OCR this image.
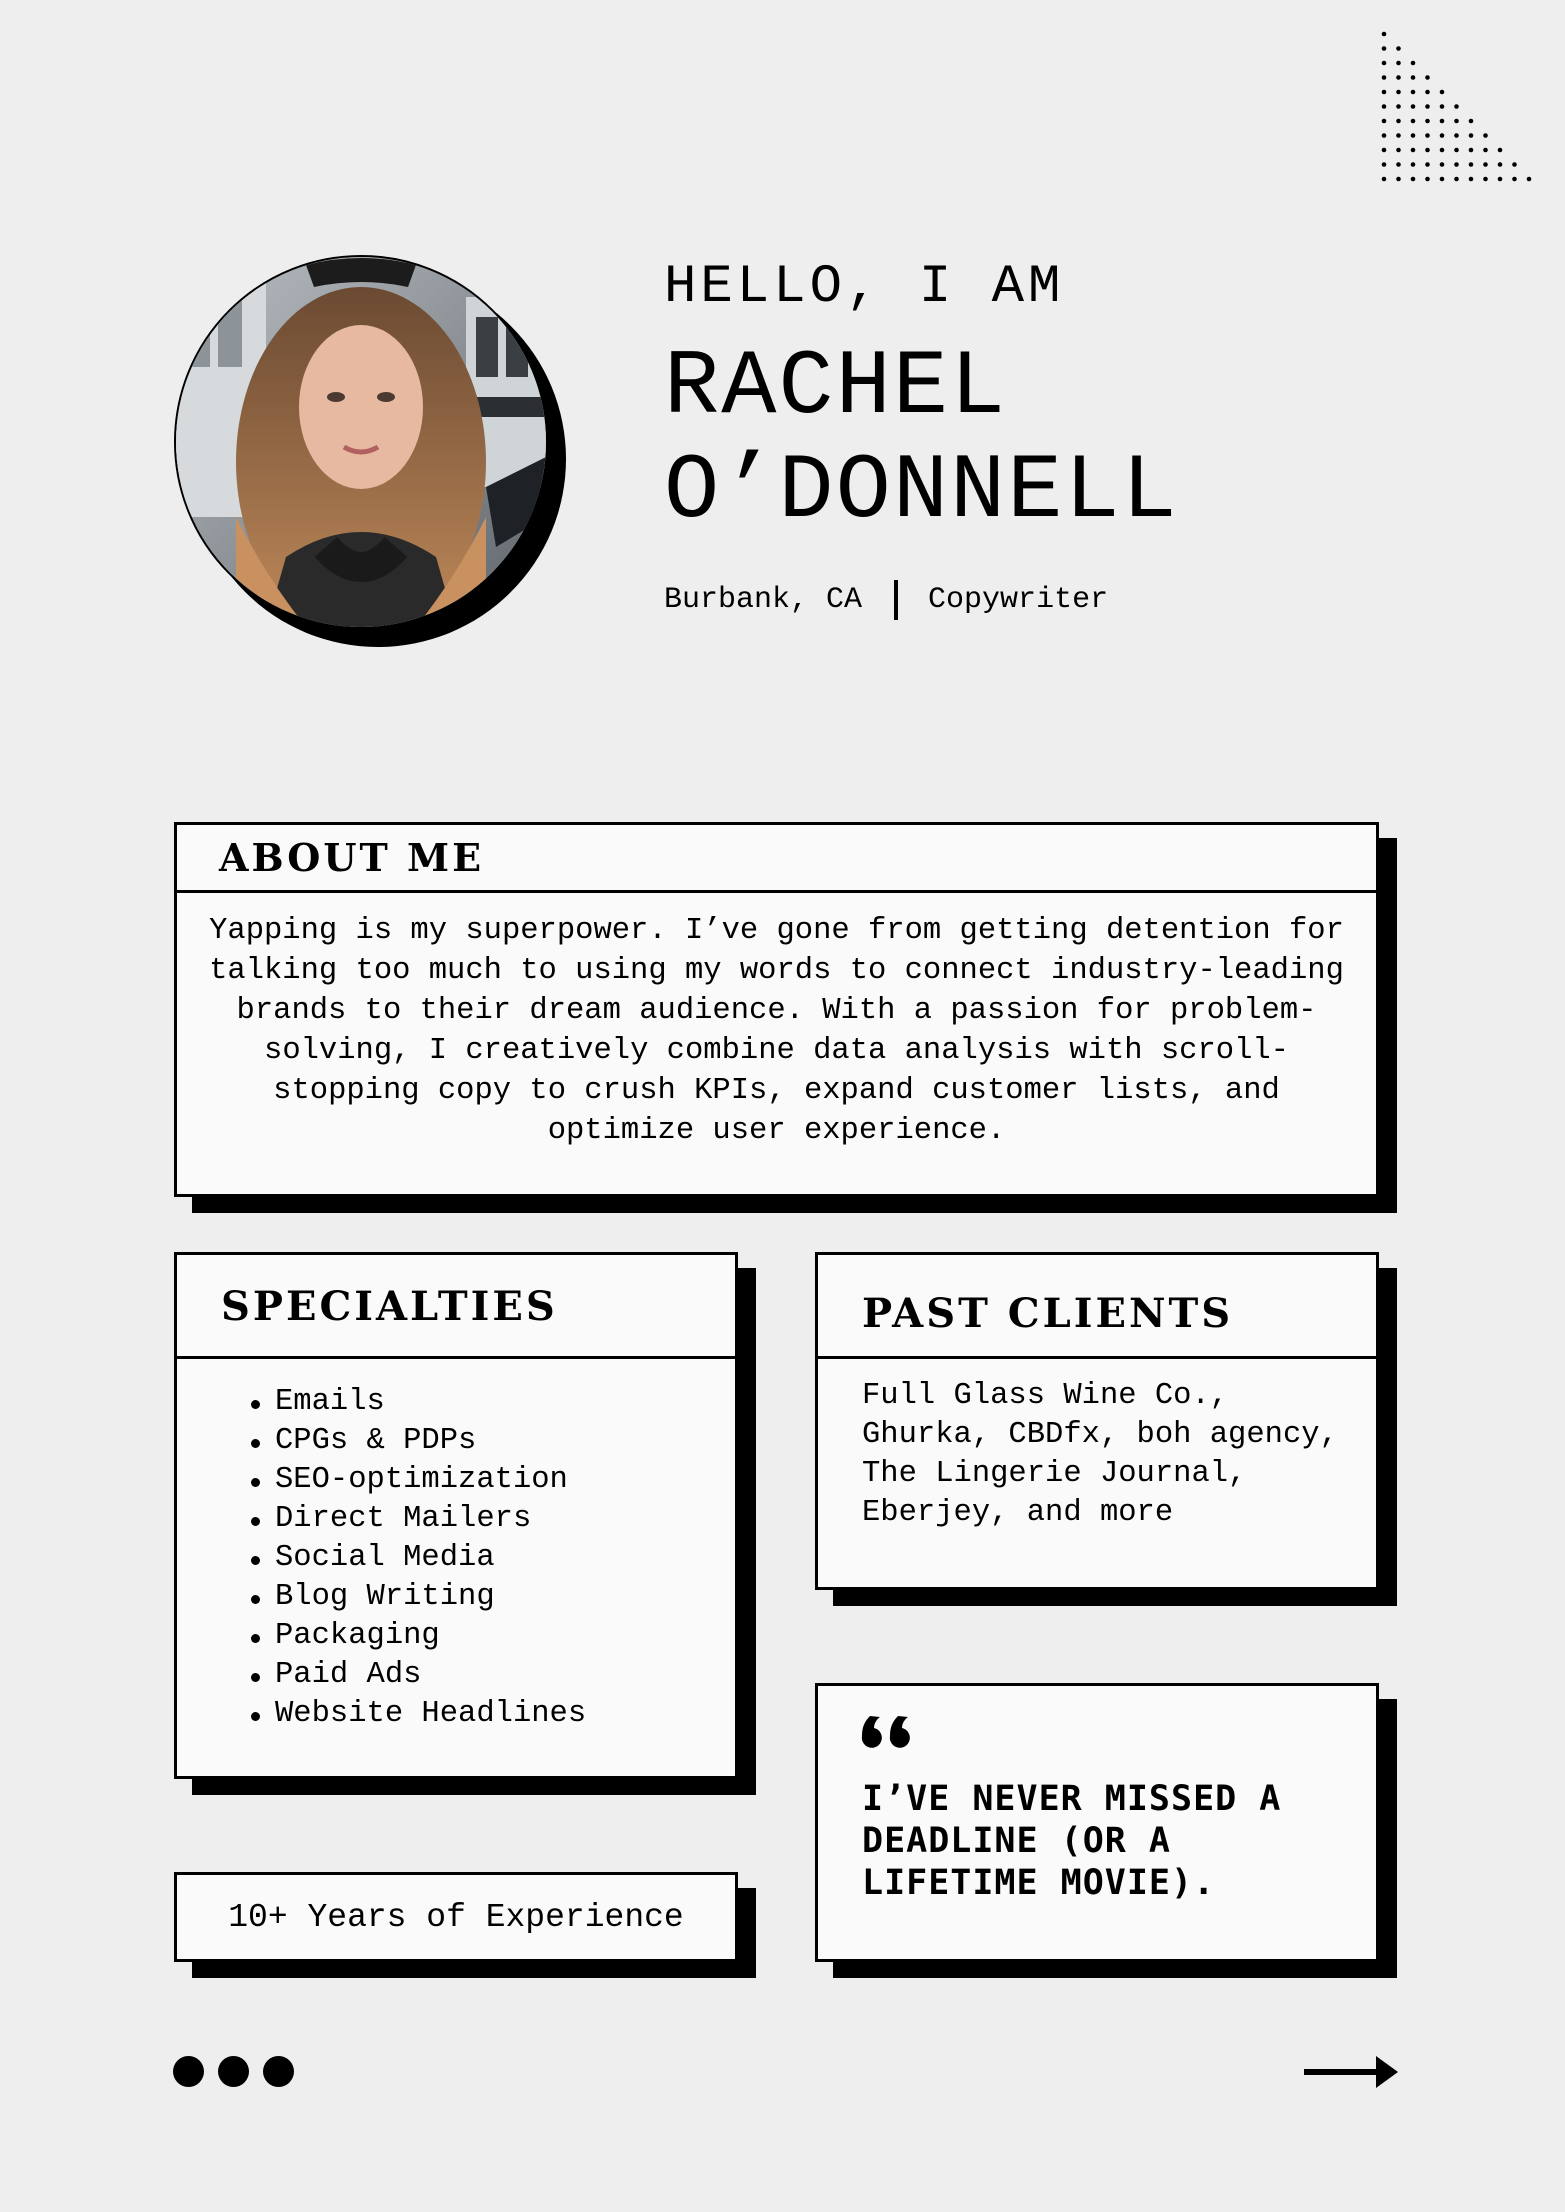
HELLO, I AM
RACHEL
O’DONNELL
Burbank, CA Copywriter
ABOUT ME
Yapping is my superpower. I’ve gone from getting detention for talking too much to using my words to connect industry-leading brands to their dream audience. With a passion for problem-solving, I creatively combine data analysis with scroll-stopping copy to crush KPIs, expand customer lists, and optimize user experience.
SPECIALTIES
Emails
CPGs & PDPs
SEO-optimization
Direct Mailers
Social Media
Blog Writing
Packaging
Paid Ads
Website Headlines
PAST CLIENTS
Full Glass Wine Co., Ghurka, CBDfx, boh agency, The Lingerie Journal, Eberjey, and more
10+ Years of Experience
I’VE NEVER MISSED A DEADLINE (OR A LIFETIME MOVIE).
